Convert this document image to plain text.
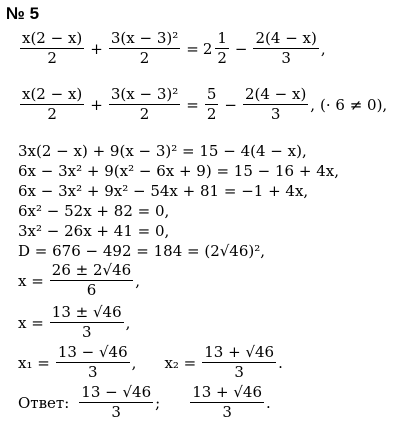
№ 5
$\frac{x(2 - x)}{2} + \frac{\text{3(x − 3)²}}{2} = 2 \frac{1}{2} - \frac{2(4 - x)}{3}$ ,
$\frac{x(2 - x)}{2} + \frac{\text{3(x − 3)²}}{2} = \frac{5}{2} - \frac{2(4 - x)}{3}$ , (· 6 ≠ 0),
3x(2 − x) + 9(x − 3)² = 15 − 4(4 − x),
6x − 3x² + 9(x² − 6x + 9) = 15 − 16 + 4x,
6x − 3x² + 9x² − 54x + 81 = −1 + 4x,
6x² − 52x + 82 = 0,
3x² − 26x + 41 = 0,
D = 676 − 492 = 184 = (2√46)²,
$x = \frac{26 \pm 2√46}{6}$ ,
$x = \frac{13 \pm √46}{3}$ ,
$x_1 = \frac{13 - √46}{3}$ , $x_2 = \frac{13 + √46}{3}$ .
Ответ: $\frac{13 - √46}{3}$ ; $\frac{13 + √46}{3}$ .
